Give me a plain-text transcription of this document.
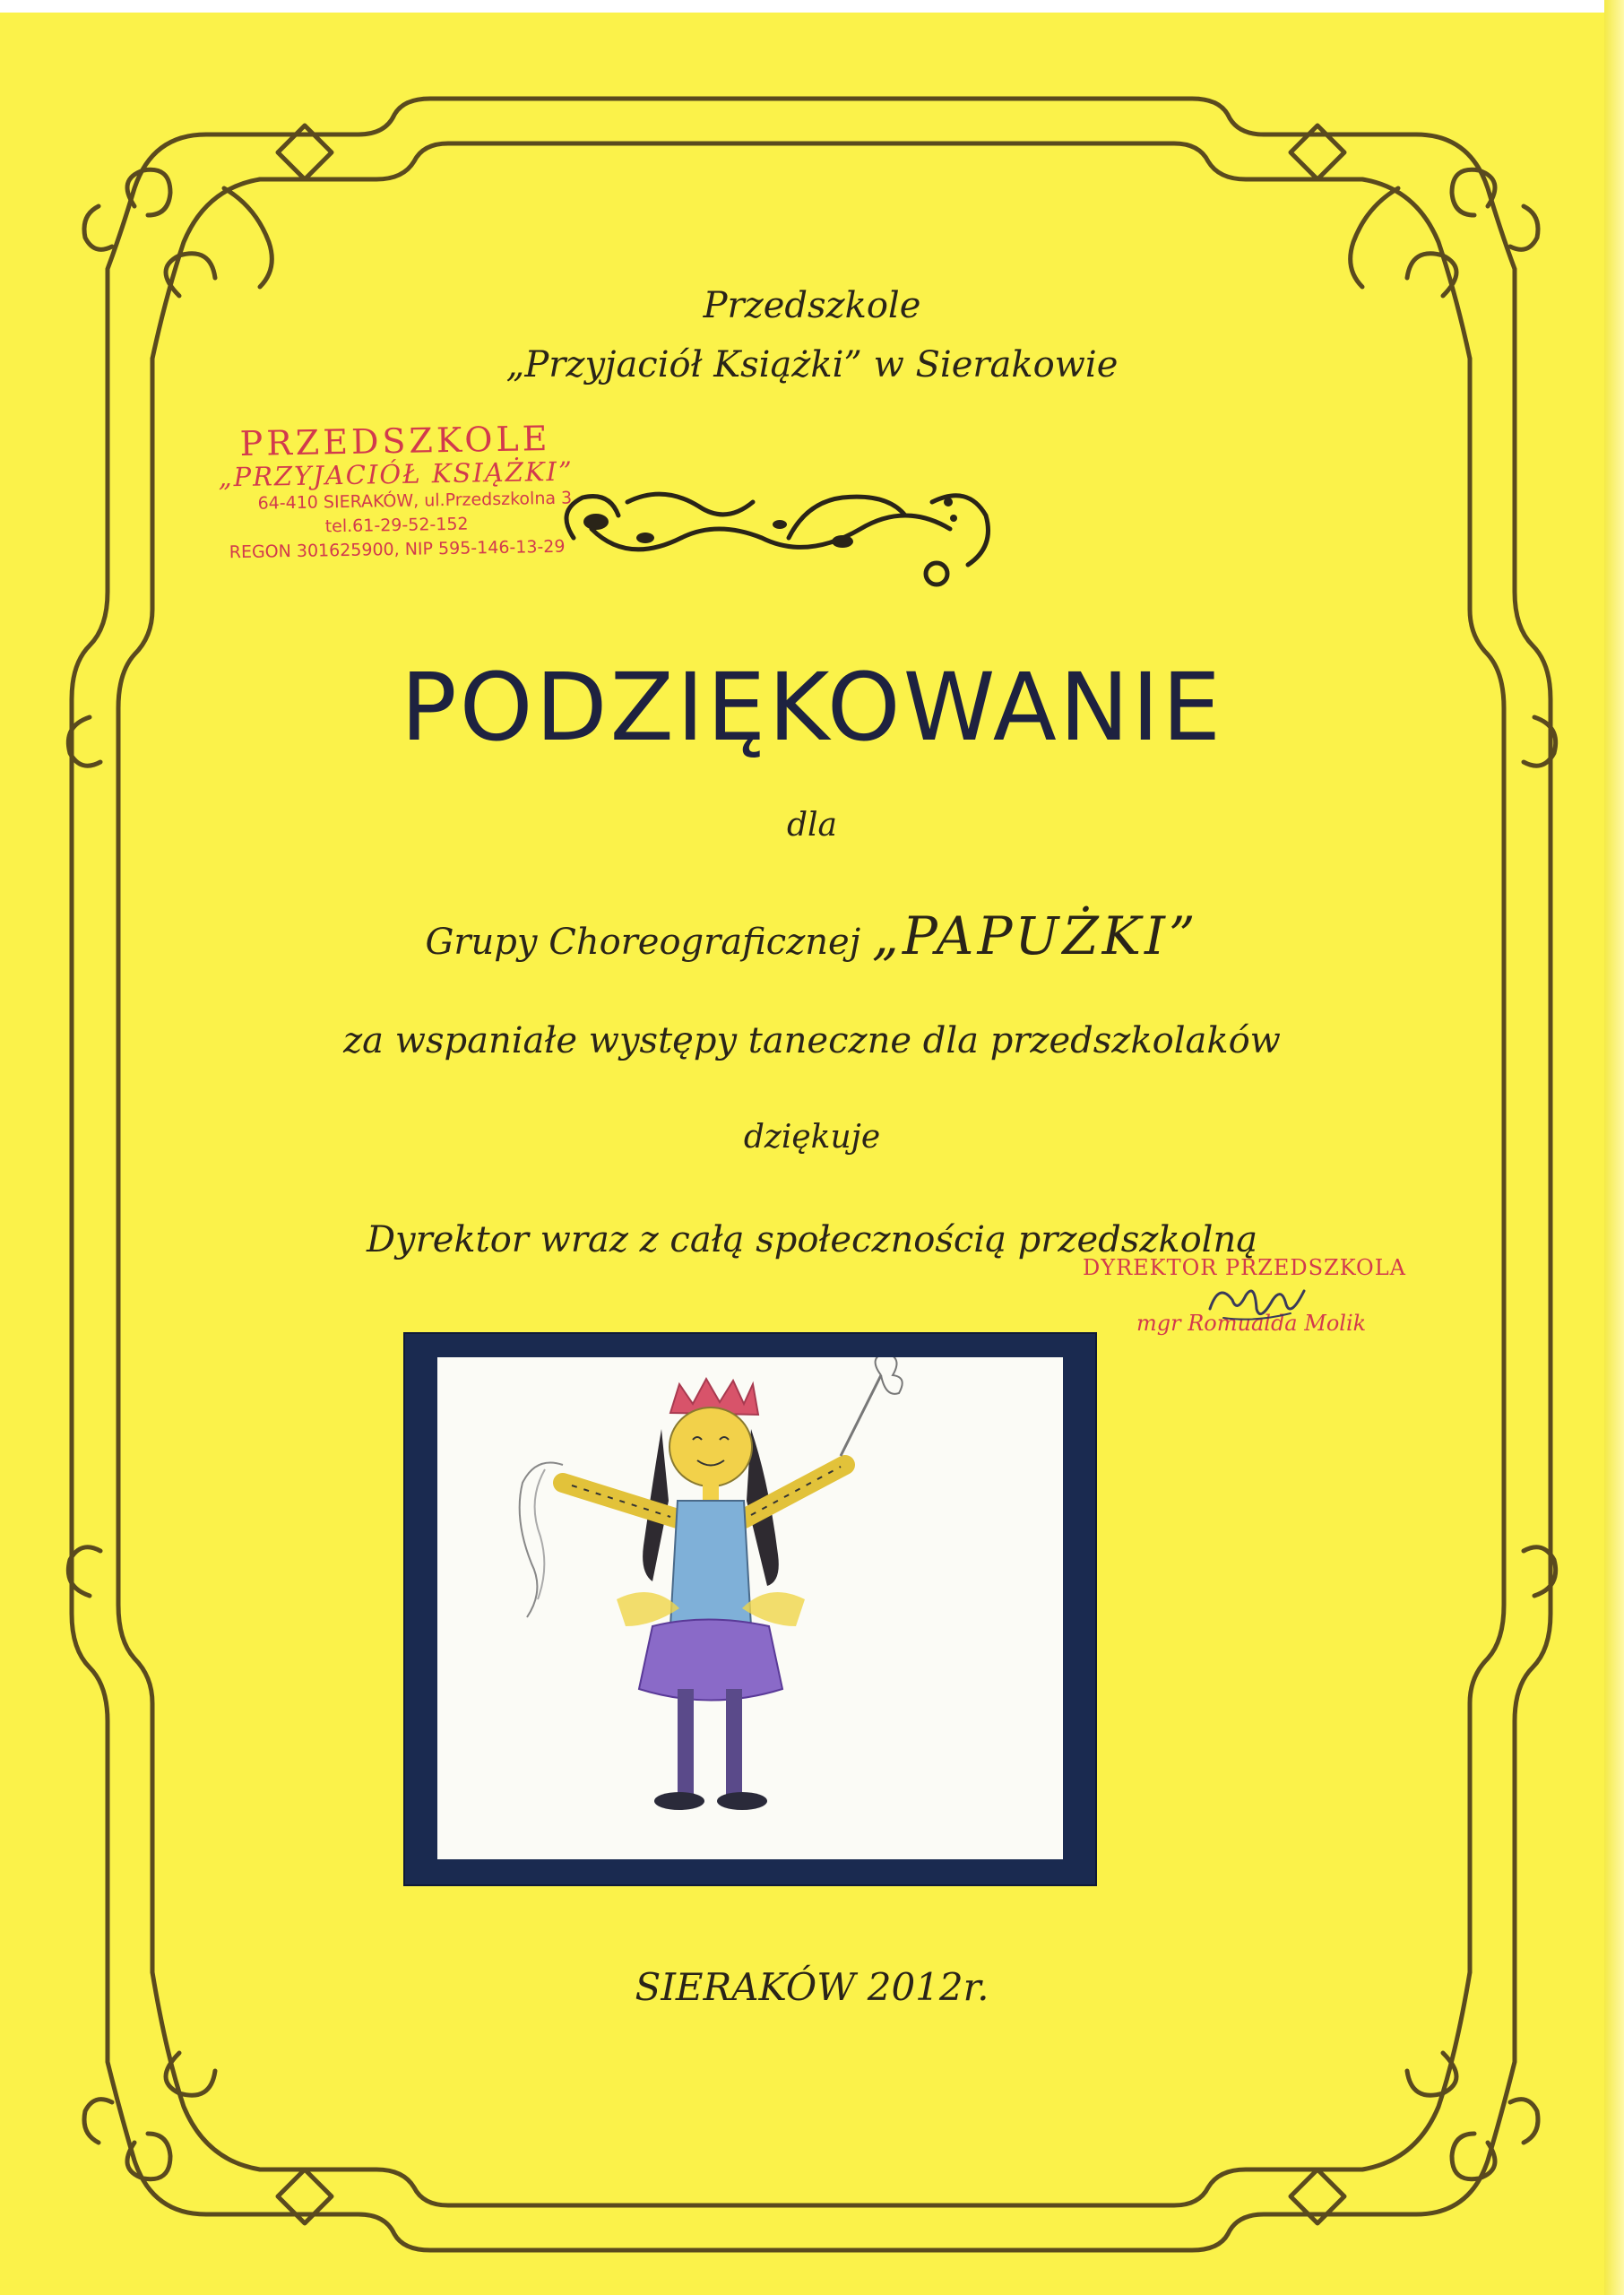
Przedszkole
„Przyjaciół Książki” w Sierakowie
PRZEDSZKOLE
„PRZYJACIÓŁ KSIĄŻKI”
64-410 SIERAKÓW, ul.Przedszkolna 3
tel.61-29-52-152
REGON 301625900, NIP 595-146-13-29
PODZIĘKOWANIE
dla
Grupy Choreograficznej „PAPUŻKI”
za wspaniałe występy taneczne dla przedszkolaków
dziękuje
Dyrektor wraz z całą społecznością przedszkolną
DYREKTOR PRZEDSZKOLA
mgr Romualda Molik
SIERAKÓW 2012r.
